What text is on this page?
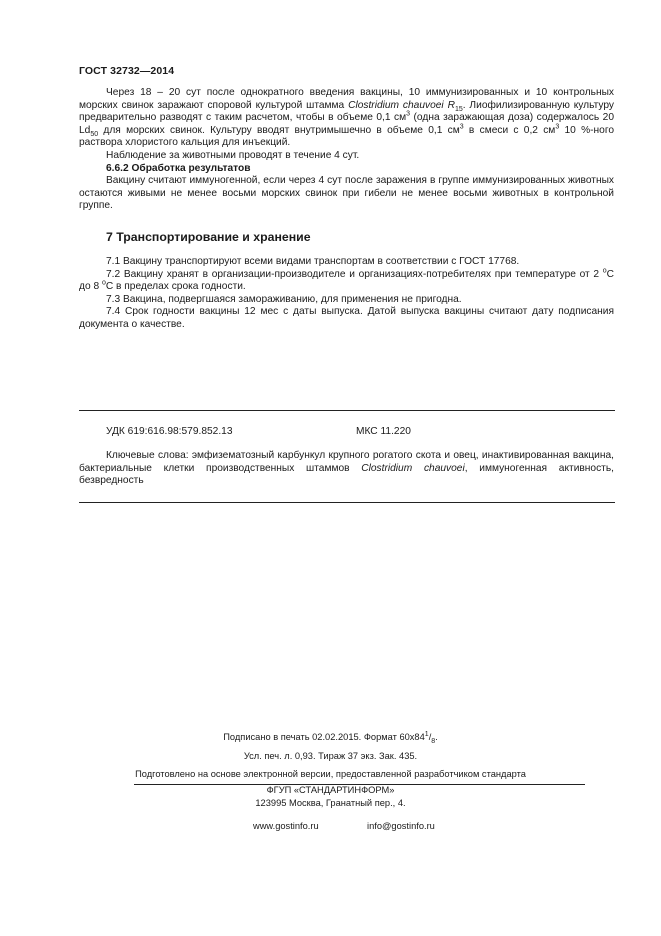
ГОСТ 32732—2014

Через 18 – 20 сут после однократного введения вакцины, 10 иммунизированных и 10 контрольных морских свинок заражают споровой культурой штамма Clostridium chauvoei $R_{15}$. Лиофилизированную культуру предварительно разводят с таким расчетом, чтобы в объеме 0,1 $см^3$ (одна заражающая доза) содержалось 20 $Ld_{50}$ для морских свинок. Культуру вводят внутримышечно в объеме 0,1 $см^3$ в смеси с 0,2 $см^3$ 10 %-ного раствора хлористого кальция для инъекций.

Наблюдение за животными проводят в течение 4 сут.

6.6.2 Обработка результатов

Вакцину считают иммуногенной, если через 4 сут после заражения в группе иммунизированных животных остаются живыми не менее восьми морских свинок при гибели не менее восьми животных в контрольной группе.

7 Транспортирование и хранение

7.1 Вакцину транспортируют всеми видами транспортам в соответствии с ГОСТ 17768.

7.2 Вакцину хранят в организации-производителе и организациях-потребителях при температуре от 2 $^о$С до 8 $^о$С в пределах срока годности.

7.3 Вакцина, подвергшаяся замораживанию, для применения не пригодна.

7.4 Срок годности вакцины 12 мес с даты выпуска. Датой выпуска вакцины считают дату подписания документа о качестве.

УДК 619:616.98:579.852.13	МКС 11.220

Ключевые слова: эмфизематозный карбункул крупного рогатого скота и овец, инактивированная вакцина, бактериальные клетки производственных штаммов Clostridium chauvoei, иммуногенная активность, безвредность

Подписано в печать 02.02.2015. Формат $60x84^1/_8$.
Усл. печ. л. 0,93. Тираж 37 экз. Зак. 435.
Подготовлено на основе электронной версии, предоставленной разработчиком стандарта
ФГУП «СТАНДАРТИНФОРМ»
123995 Москва, Гранатный пер., 4.
www.gostinfo.ru	info@gostinfo.ru
